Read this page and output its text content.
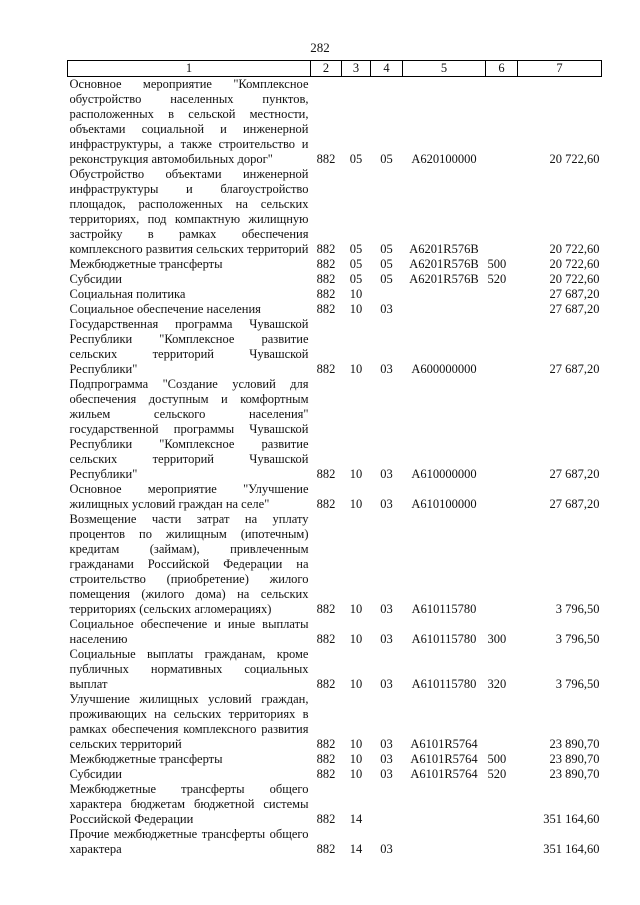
282
1	2	3	4	5	6	7
Основное мероприятие "Комплексное обустройство населенных пунктов, расположенных в сельской местности, объектами социальной и инженерной инфраструктуры, а также строительство и реконструкция автомобильных дорог"	882	05	05	А620100000		20 722,60
Обустройство объектами инженерной инфраструктуры и благоустройство площадок, расположенных на сельских территориях, под компактную жилищную застройку в рамках обеспечения комплексного развития сельских территорий	882	05	05	А6201R576В		20 722,60
Межбюджетные трансферты	882	05	05	А6201R576В	500	20 722,60
Субсидии	882	05	05	А6201R576В	520	20 722,60
Социальная политика	882	10				27 687,20
Социальное обеспечение населения	882	10	03			27 687,20
Государственная программа Чувашской Республики "Комплексное развитие сельских территорий Чувашской Республики"	882	10	03	А600000000		27 687,20
Подпрограмма "Создание условий для обеспечения доступным и комфортным жильем сельского населения" государственной программы Чувашской Республики "Комплексное развитие сельских территорий Чувашской Республики"	882	10	03	А610000000		27 687,20
Основное мероприятие "Улучшение жилищных условий граждан на селе"	882	10	03	А610100000		27 687,20
Возмещение части затрат на уплату процентов по жилищным (ипотечным) кредитам (займам), привлеченным гражданами Российской Федерации на строительство (приобретение) жилого помещения (жилого дома) на сельских территориях (сельских агломерациях)	882	10	03	А610115780		3 796,50
Социальное обеспечение и иные выплаты населению	882	10	03	А610115780	300	3 796,50
Социальные выплаты гражданам, кроме публичных нормативных социальных выплат	882	10	03	А610115780	320	3 796,50
Улучшение жилищных условий граждан, проживающих на сельских территориях в рамках обеспечения комплексного развития сельских территорий	882	10	03	А6101R5764		23 890,70
Межбюджетные трансферты	882	10	03	А6101R5764	500	23 890,70
Субсидии	882	10	03	А6101R5764	520	23 890,70
Межбюджетные трансферты общего характера бюджетам бюджетной системы Российской Федерации	882	14				351 164,60
Прочие межбюджетные трансферты общего характера	882	14	03			351 164,60
